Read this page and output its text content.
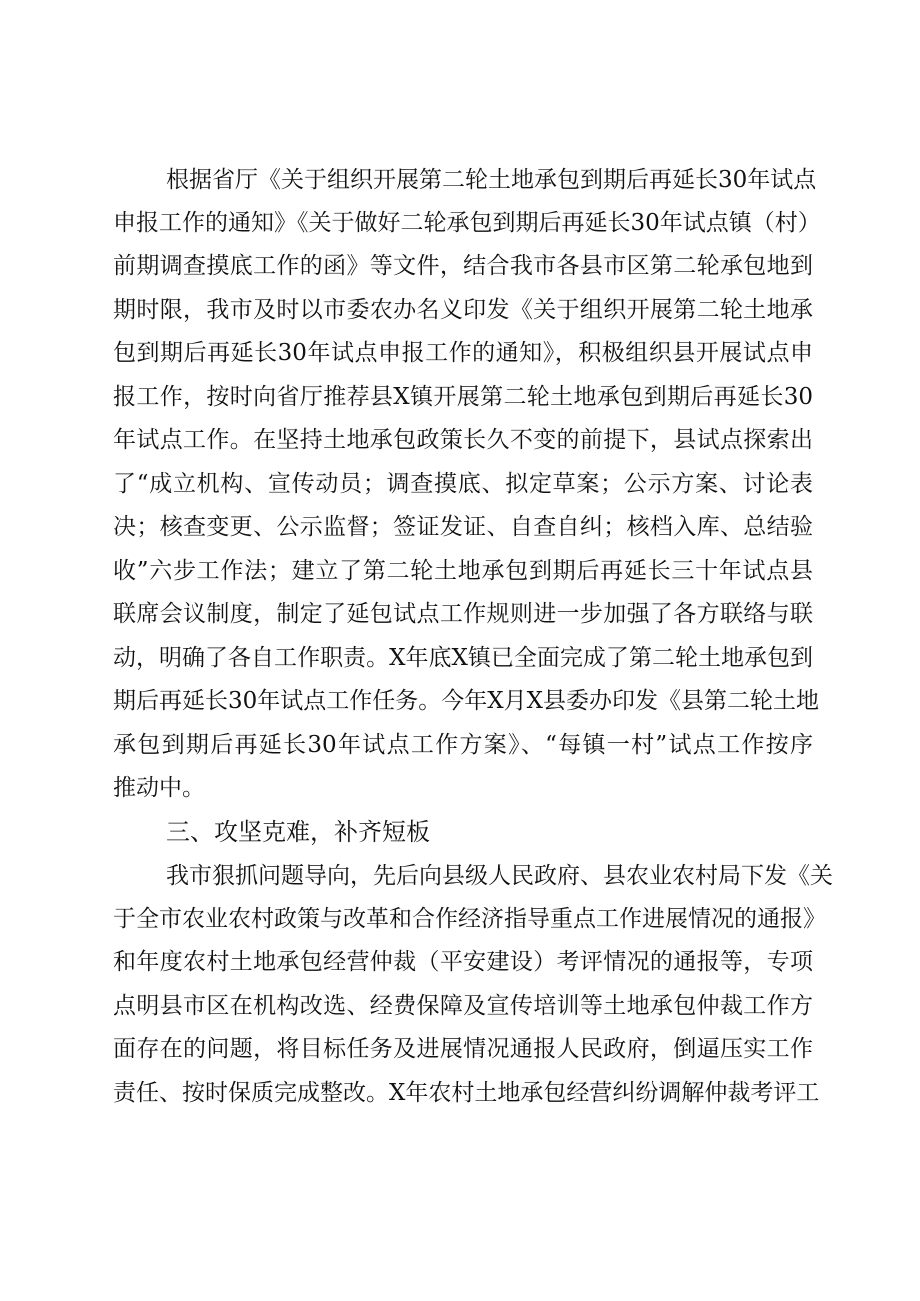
根据省厅《关于组织开展第二轮土地承包到期后再延长30年试点
申报工作的通知》《关于做好二轮承包到期后再延长30年试点镇（村）
前期调查摸底工作的函》等文件，结合我市各县市区第二轮承包地到
期时限，我市及时以市委农办名义印发《关于组织开展第二轮土地承
包到期后再延长30年试点申报工作的通知》，积极组织县开展试点申
报工作，按时向省厅推荐县X镇开展第二轮土地承包到期后再延长30
年试点工作。在坚持土地承包政策长久不变的前提下，县试点探索出
了“成立机构、宣传动员；调查摸底、拟定草案；公示方案、讨论表
决；核查变更、公示监督；签证发证、自查自纠；核档入库、总结验
收”六步工作法；建立了第二轮土地承包到期后再延长三十年试点县
联席会议制度，制定了延包试点工作规则进一步加强了各方联络与联
动，明确了各自工作职责。X年底X镇已全面完成了第二轮土地承包到
期后再延长30年试点工作任务。今年X月X县委办印发《县第二轮土地
承包到期后再延长30年试点工作方案》、“每镇一村”试点工作按序
推动中。
三、攻坚克难，补齐短板
我市狠抓问题导向，先后向县级人民政府、县农业农村局下发《关
于全市农业农村政策与改革和合作经济指导重点工作进展情况的通报》
和年度农村土地承包经营仲裁（平安建设）考评情况的通报等，专项
点明县市区在机构改选、经费保障及宣传培训等土地承包仲裁工作方
面存在的问题，将目标任务及进展情况通报人民政府，倒逼压实工作
责任、按时保质完成整改。X年农村土地承包经营纠纷调解仲裁考评工
